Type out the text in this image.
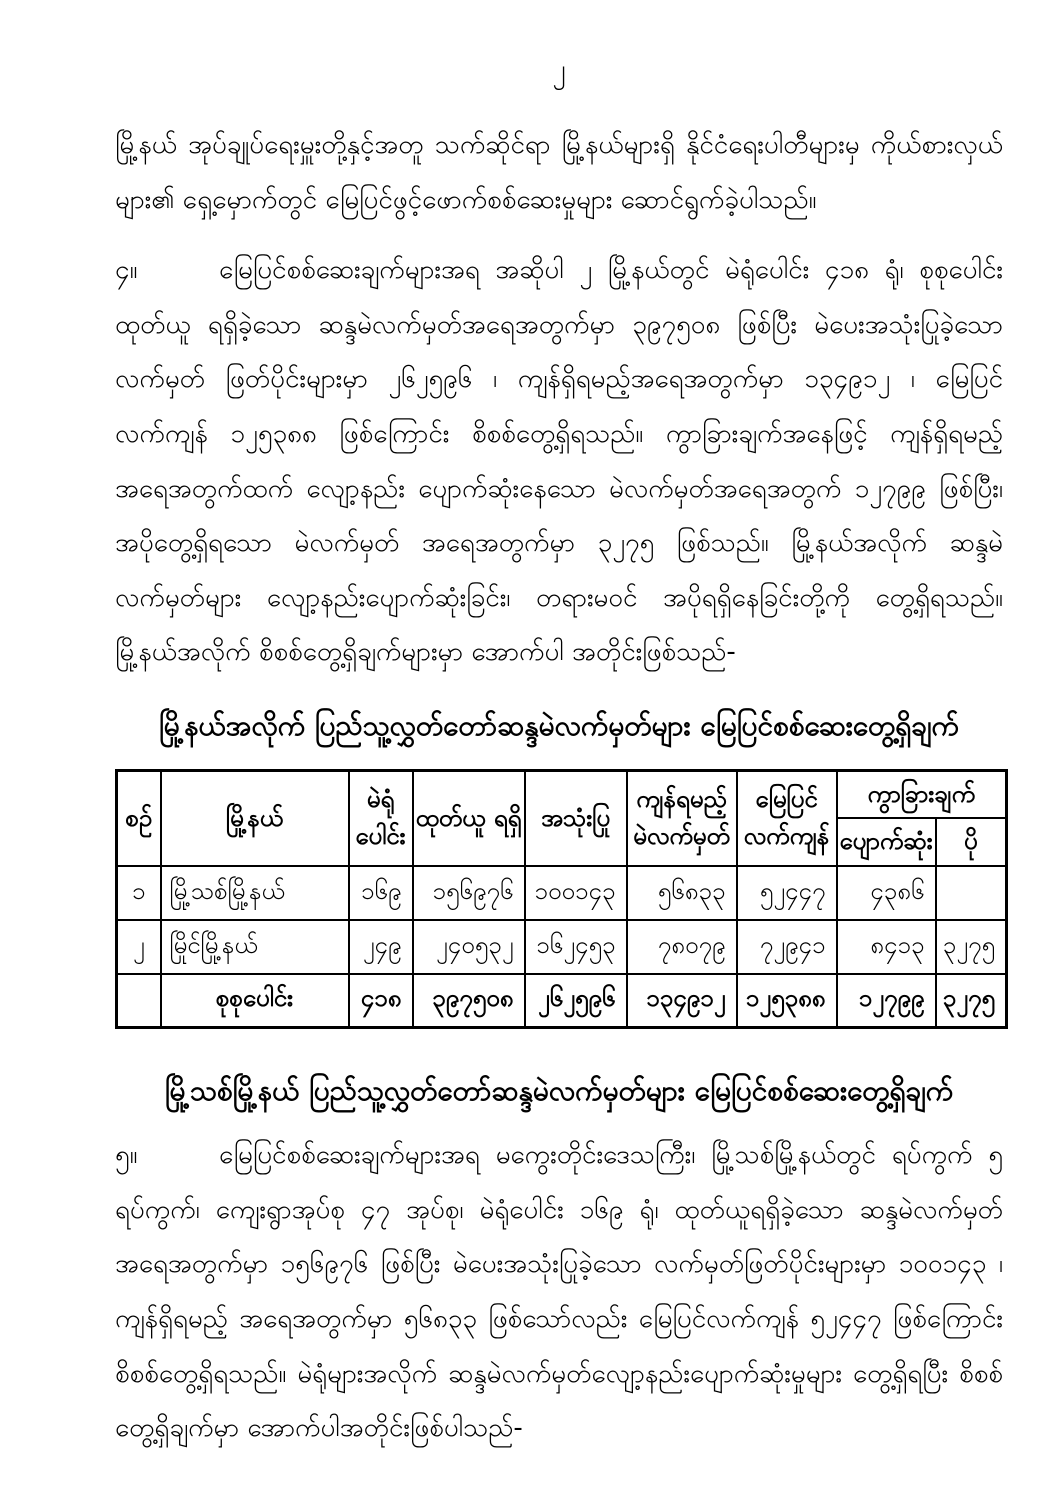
၂

မြို့နယ် အုပ်ချုပ်ရေးမှူးတို့နှင့်အတူ သက်ဆိုင်ရာ မြို့နယ်များရှိ နိုင်ငံရေးပါတီများမှ ကိုယ်စားလှယ်များ၏ ရှေ့မှောက်တွင် မြေပြင်ဖွင့်ဖောက်စစ်ဆေးမှုများ ဆောင်ရွက်ခဲ့ပါသည်။

၄။	မြေပြင်စစ်ဆေးချက်များအရ အဆိုပါ ၂ မြို့နယ်တွင် မဲရုံပေါင်း ၄၁၈ ရုံ၊ စုစုပေါင်း ထုတ်ယူ ရရှိခဲ့သော ဆန္ဒမဲလက်မှတ်အရေအတွက်မှာ ၃၉၇၅၀၈ ဖြစ်ပြီး မဲပေးအသုံးပြုခဲ့သော လက်မှတ် ဖြတ်ပိုင်းများမှာ ၂၆၂၅၉၆ ၊ ကျန်ရှိရမည့်အရေအတွက်မှာ ၁၃၄၉၁၂ ၊ မြေပြင်လက်ကျန် ၁၂၅၃၈၈ ဖြစ်ကြောင်း စိစစ်တွေ့ရှိရသည်။ ကွာခြားချက်အနေဖြင့် ကျန်ရှိရမည့်အရေအတွက်ထက် လျော့နည်း ပျောက်ဆုံးနေသော မဲလက်မှတ်အရေအတွက် ၁၂၇၉၉ ဖြစ်ပြီး၊ အပိုတွေ့ရှိရသော မဲလက်မှတ် အရေအတွက်မှာ ၃၂၇၅ ဖြစ်သည်။ မြို့နယ်အလိုက် ဆန္ဒမဲလက်မှတ်များ လျော့နည်းပျောက်ဆုံးခြင်း၊ တရားမဝင် အပိုရရှိနေခြင်းတို့ကို တွေ့ရှိရသည်။ မြို့နယ်အလိုက် စိစစ်တွေ့ရှိချက်များမှာ အောက်ပါ အတိုင်းဖြစ်သည်-

မြို့နယ်အလိုက် ပြည်သူ့လွှတ်တော်ဆန္ဒမဲလက်မှတ်များ မြေပြင်စစ်ဆေးတွေ့ရှိချက်
စဉ်	မြို့နယ်	မဲရုံ ပေါင်း	ထုတ်ယူ ရရှိ	အသုံးပြု	ကျန်ရမည့် မဲလက်မှတ်	မြေပြင် လက်ကျန်	ကွာခြားချက်	
							ပျောက်ဆုံး	ပို
၁	မြို့သစ်မြို့နယ်	၁၆၉	၁၅၆၉၇၆	၁၀၀၁၄၃	၅၆၈၃၃	၅၂၄၄၇	၄၃၈၆	
၂	မြိုင်မြို့နယ်	၂၄၉	၂၄၀၅၃၂	၁၆၂၄၅၃	၇၈၀၇၉	၇၂၉၄၁	၈၄၁၃	၃၂၇၅
	စုစုပေါင်း	၄၁၈	၃၉၇၅၀၈	၂၆၂၅၉၆	၁၃၄၉၁၂	၁၂၅၃၈၈	၁၂၇၉၉	၃၂၇၅
မြို့သစ်မြို့နယ် ပြည်သူ့လွှတ်တော်ဆန္ဒမဲလက်မှတ်များ မြေပြင်စစ်ဆေးတွေ့ရှိချက်

၅။	မြေပြင်စစ်ဆေးချက်များအရ မကွေးတိုင်းဒေသကြီး၊ မြို့သစ်မြို့နယ်တွင် ရပ်ကွက် ၅ ရပ်ကွက်၊ ကျေးရွာအုပ်စု ၄၇ အုပ်စု၊ မဲရုံပေါင်း ၁၆၉ ရုံ၊ ထုတ်ယူရရှိခဲ့သော ဆန္ဒမဲလက်မှတ် အရေအတွက်မှာ ၁၅၆၉၇၆ ဖြစ်ပြီး မဲပေးအသုံးပြုခဲ့သော လက်မှတ်ဖြတ်ပိုင်းများမှာ ၁၀၀၁၄၃ ၊ ကျန်ရှိရမည့် အရေအတွက်မှာ ၅၆၈၃၃ ဖြစ်သော်လည်း မြေပြင်လက်ကျန် ၅၂၄၄၇ ဖြစ်ကြောင်း စိစစ်တွေ့ရှိရသည်။ မဲရုံများအလိုက် ဆန္ဒမဲလက်မှတ်လျော့နည်းပျောက်ဆုံးမှုများ တွေ့ရှိရပြီး စိစစ် တွေ့ရှိချက်မှာ အောက်ပါအတိုင်းဖြစ်ပါသည်-
